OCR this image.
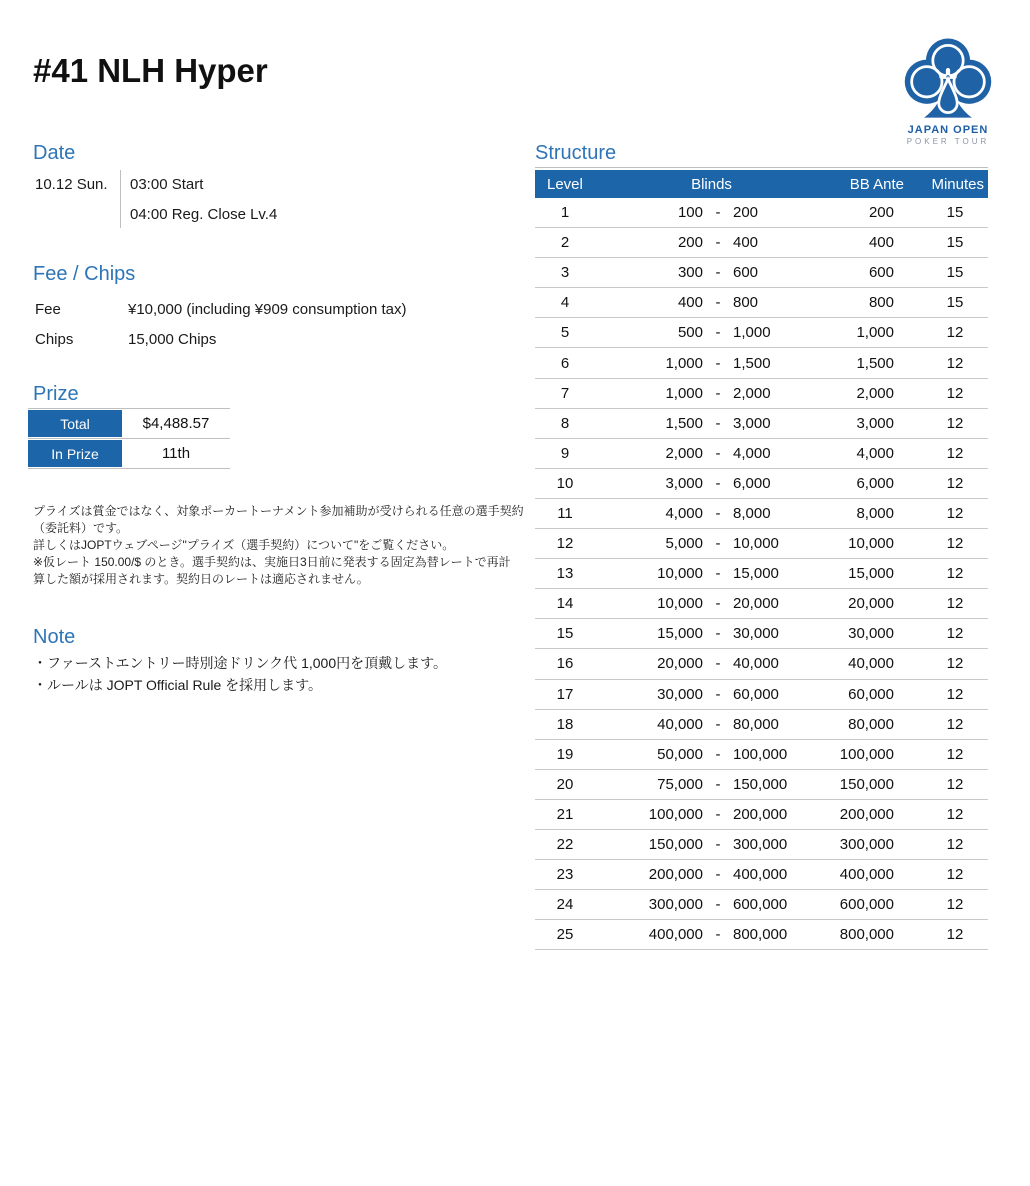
#41 NLH Hyper
JAPAN OPEN
POKER TOUR
Date
10.12 Sun.	03:00 Start
04:00 Reg. Close Lv.4
Fee / Chips
Fee	¥10,000 (including ¥909 consumption tax)
Chips	15,000 Chips
Prize
Total	$4,488.57
In Prize	11th
プライズは賞金ではなく、対象ポーカートーナメント参加補助が受けられる任意の選手契約
（委託料）です。
詳しくはJOPTウェブページ"プライズ（選手契約）について"をご覧ください。
※仮レート 150.00/$ のとき。選手契約は、実施日3日前に発表する固定為替レートで再計
算した額が採用されます。契約日のレートは適応されません。
Note
・ファーストエントリー時別途ドリンク代 1,000円を頂戴します。
・ルールは JOPT Official Rule を採用します。
Structure
Level	Blinds	BB Ante	Minutes
1	100 - 200	200	15
2	200 - 400	400	15
3	300 - 600	600	15
4	400 - 800	800	15
5	500 - 1,000	1,000	12
6	1,000 - 1,500	1,500	12
7	1,000 - 2,000	2,000	12
8	1,500 - 3,000	3,000	12
9	2,000 - 4,000	4,000	12
10	3,000 - 6,000	6,000	12
11	4,000 - 8,000	8,000	12
12	5,000 - 10,000	10,000	12
13	10,000 - 15,000	15,000	12
14	10,000 - 20,000	20,000	12
15	15,000 - 30,000	30,000	12
16	20,000 - 40,000	40,000	12
17	30,000 - 60,000	60,000	12
18	40,000 - 80,000	80,000	12
19	50,000 - 100,000	100,000	12
20	75,000 - 150,000	150,000	12
21	100,000 - 200,000	200,000	12
22	150,000 - 300,000	300,000	12
23	200,000 - 400,000	400,000	12
24	300,000 - 600,000	600,000	12
25	400,000 - 800,000	800,000	12
